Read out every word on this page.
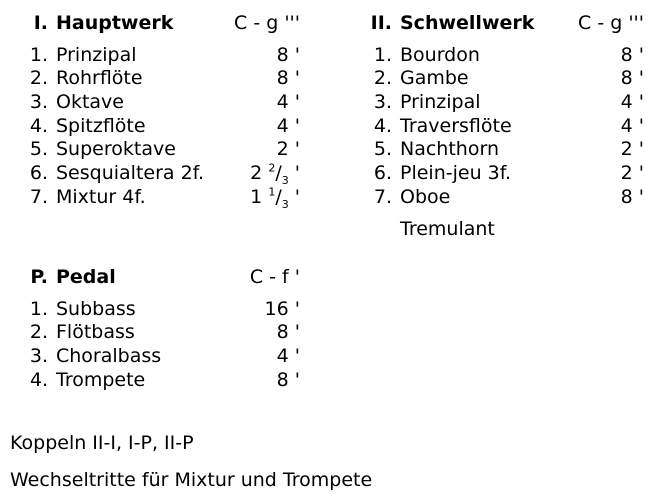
I. Hauptwerk	C - g '''
1. Prinzipal	8 '
2. Rohrflöte	8 '
3. Oktave	4 '
4. Spitzflöte	4 '
5. Superoktave	2 '
6. Sesquialtera 2f. 2 $^2/_3$ '
7. Mixtur 4f.	1 $^1/_3$ '
II. Schwellwerk C - g '''
1. Bourdon	8 '
2. Gambe	8 '
3. Prinzipal	4 '
4. Traversflöte	4 '
5. Nachthorn	2 '
6. Plein-jeu 3f.	2 '
7. Oboe	8 '
Tremulant
P. Pedal	C - f '
1. Subbass	16 '
2. Flötbass	8 '
3. Choralbass	4 '
4. Trompete	8 '
Koppeln II-I, I-P, II-P
Wechseltritte für Mixtur und Trompete
